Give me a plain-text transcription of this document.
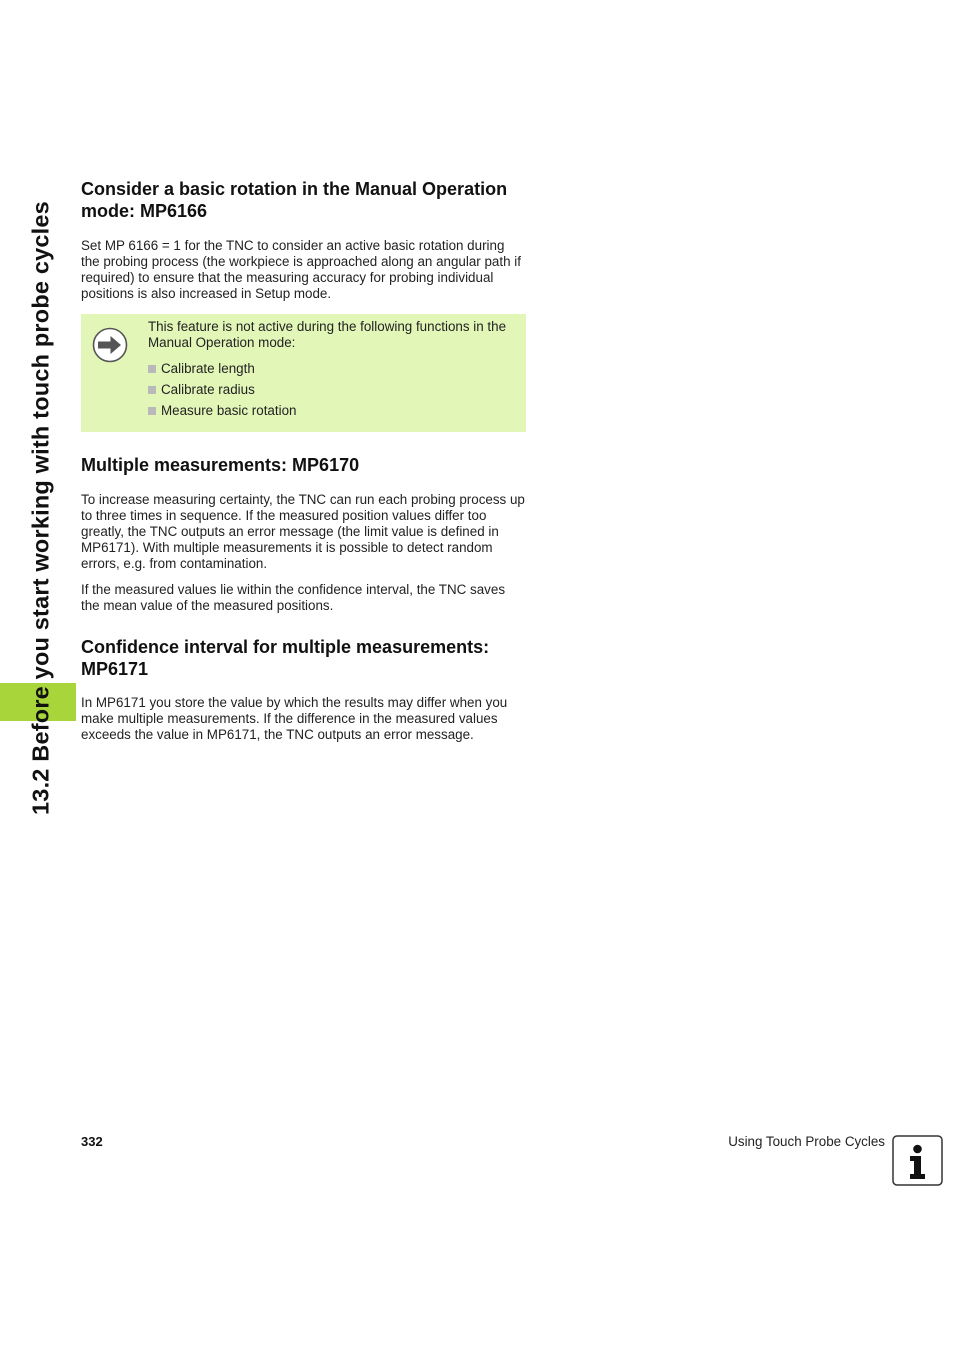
13.2 Before you start working with touch probe cycles
Consider a basic rotation in the Manual Operation mode: MP6166

Set MP 6166 = 1 for the TNC to consider an active basic rotation during the probing process (the workpiece is approached along an angular path if required) to ensure that the measuring accuracy for probing individual positions is also increased in Setup mode.

This feature is not active during the following functions in the Manual Operation mode:

Calibrate length
Calibrate radius
Measure basic rotation
Multiple measurements: MP6170

To increase measuring certainty, the TNC can run each probing process up to three times in sequence. If the measured position values differ too greatly, the TNC outputs an error message (the limit value is defined in MP6171). With multiple measurements it is possible to detect random errors, e.g. from contamination.

If the measured values lie within the confidence interval, the TNC saves the mean value of the measured positions.

Confidence interval for multiple measurements: MP6171

In MP6171 you store the value by which the results may differ when you make multiple measurements. If the difference in the measured values exceeds the value in MP6171, the TNC outputs an error message.

332	Using Touch Probe Cycles
